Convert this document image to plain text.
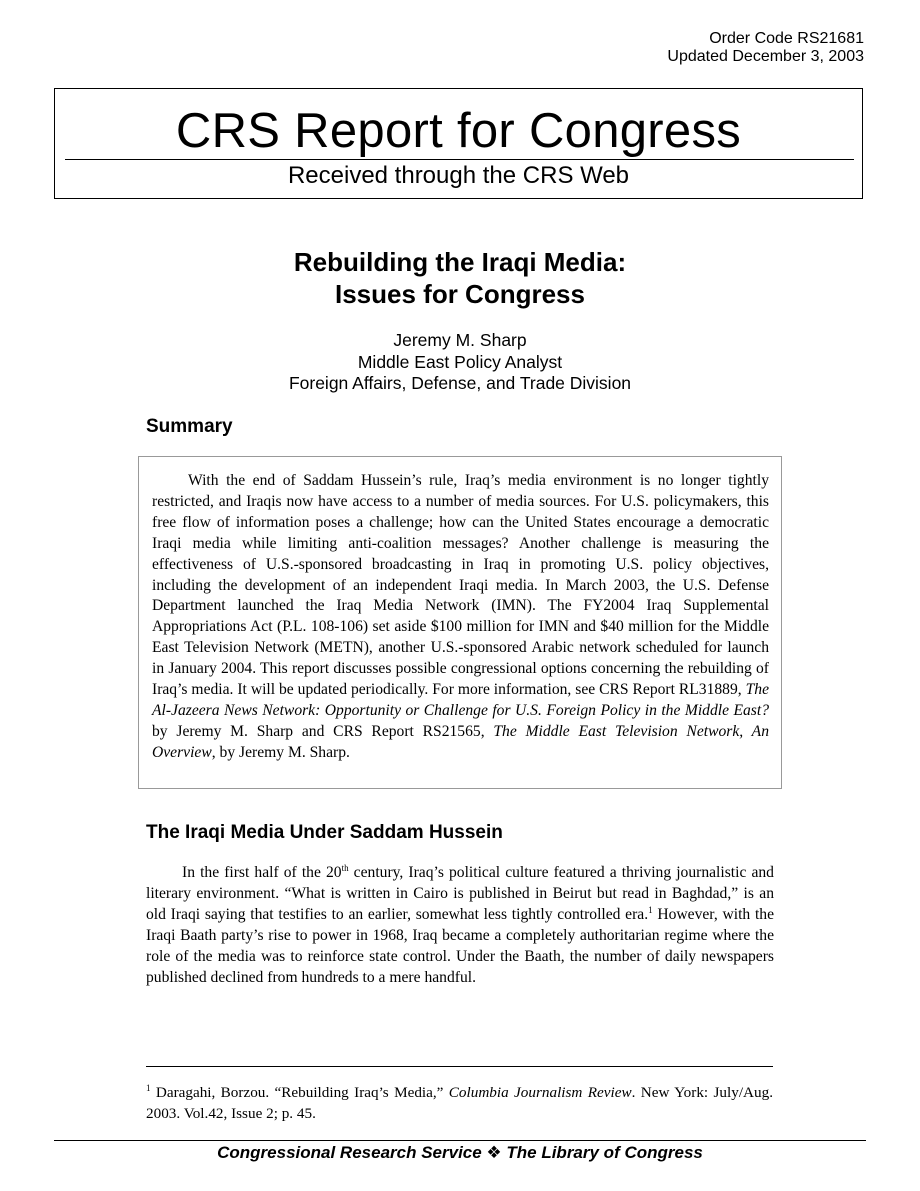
Order Code RS21681
Updated December 3, 2003
CRS Report for Congress
Received through the CRS Web
Rebuilding the Iraqi Media:
Issues for Congress
Jeremy M. Sharp
Middle East Policy Analyst
Foreign Affairs, Defense, and Trade Division
Summary

With the end of Saddam Hussein’s rule, Iraq’s media environment is no longer tightly restricted, and Iraqis now have access to a number of media sources. For U.S. policymakers, this free flow of information poses a challenge; how can the United States encourage a democratic Iraqi media while limiting anti-coalition messages? Another challenge is measuring the effectiveness of U.S.-sponsored broadcasting in Iraq in promoting U.S. policy objectives, including the development of an independent Iraqi media. In March 2003, the U.S. Defense Department launched the Iraq Media Network (IMN). The FY2004 Iraq Supplemental Appropriations Act (P.L. 108-106) set aside $100 million for IMN and $40 million for the Middle East Television Network (METN), another U.S.-sponsored Arabic network scheduled for launch in January 2004. This report discusses possible congressional options concerning the rebuilding of Iraq’s media. It will be updated periodically. For more information, see CRS Report RL31889, The Al-Jazeera News Network: Opportunity or Challenge for U.S. Foreign Policy in the Middle East? by Jeremy M. Sharp and CRS Report RS21565, The Middle East Television Network, An Overview, by Jeremy M. Sharp.

The Iraqi Media Under Saddam Hussein

In the first half of the 20th century, Iraq’s political culture featured a thriving journalistic and literary environment. “What is written in Cairo is published in Beirut but read in Baghdad,” is an old Iraqi saying that testifies to an earlier, somewhat less tightly controlled era.$^1$ However, with the Iraqi Baath party’s rise to power in 1968, Iraq became a completely authoritarian regime where the role of the media was to reinforce state control. Under the Baath, the number of daily newspapers published declined from hundreds to a mere handful.

$^1$ Daragahi, Borzou. “Rebuilding Iraq’s Media,” Columbia Journalism Review. New York: July/Aug. 2003. Vol.42, Issue 2; p. 45.

Congressional Research Service ❖ The Library of Congress
